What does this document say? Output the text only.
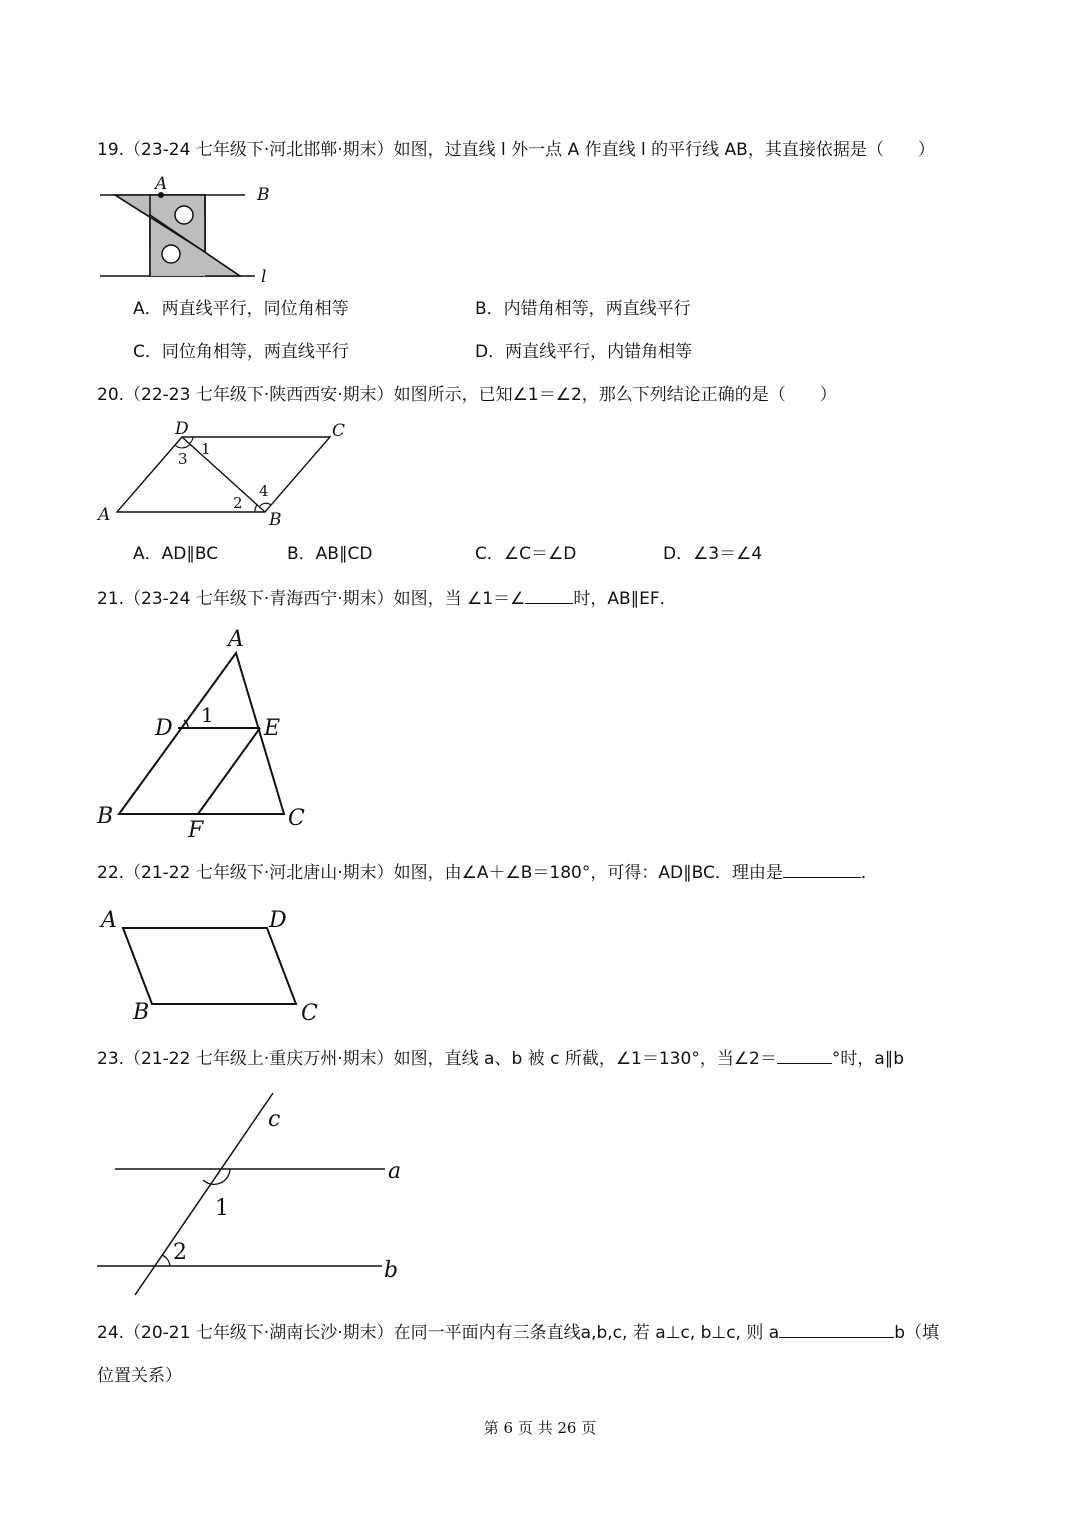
19.（23-24 七年级下·河北邯郸·期末）如图，过直线 l 外一点 A 作直线 l 的平行线 AB，其直接依据是（　　）
A
B
l
A．两直线平行，同位角相等	B．内错角相等，两直线平行
C．同位角相等，两直线平行	D．两直线平行，内错角相等
20.（22-23 七年级下·陕西西安·期末）如图所示，已知∠1＝∠2，那么下列结论正确的是（　　）
D	C
A	B
1
3
2
4
A．AD∥BC	B．AB∥CD	C．∠C＝∠D	D．∠3＝∠4
21.（23-24 七年级下·青海西宁·期末）如图，当 ∠1＝∠	时，AB∥EF．
A
D	E
B	C
F
1
22.（21-22 七年级下·河北唐山·期末）如图，由∠A＋∠B＝180°，可得：AD∥BC．理由是	．
A	D
B	C
23.（21-22 七年级上·重庆万州·期末）如图，直线 a、b 被 c 所截，∠1＝130°，当∠2＝	°时，a∥b
c
a
b
1
2
24.（20-21 七年级下·湖南长沙·期末）在同一平面内有三条直线a,b,c, 若 a⊥c, b⊥c, 则 a	b（填
位置关系）
第 6 页 共 26 页
